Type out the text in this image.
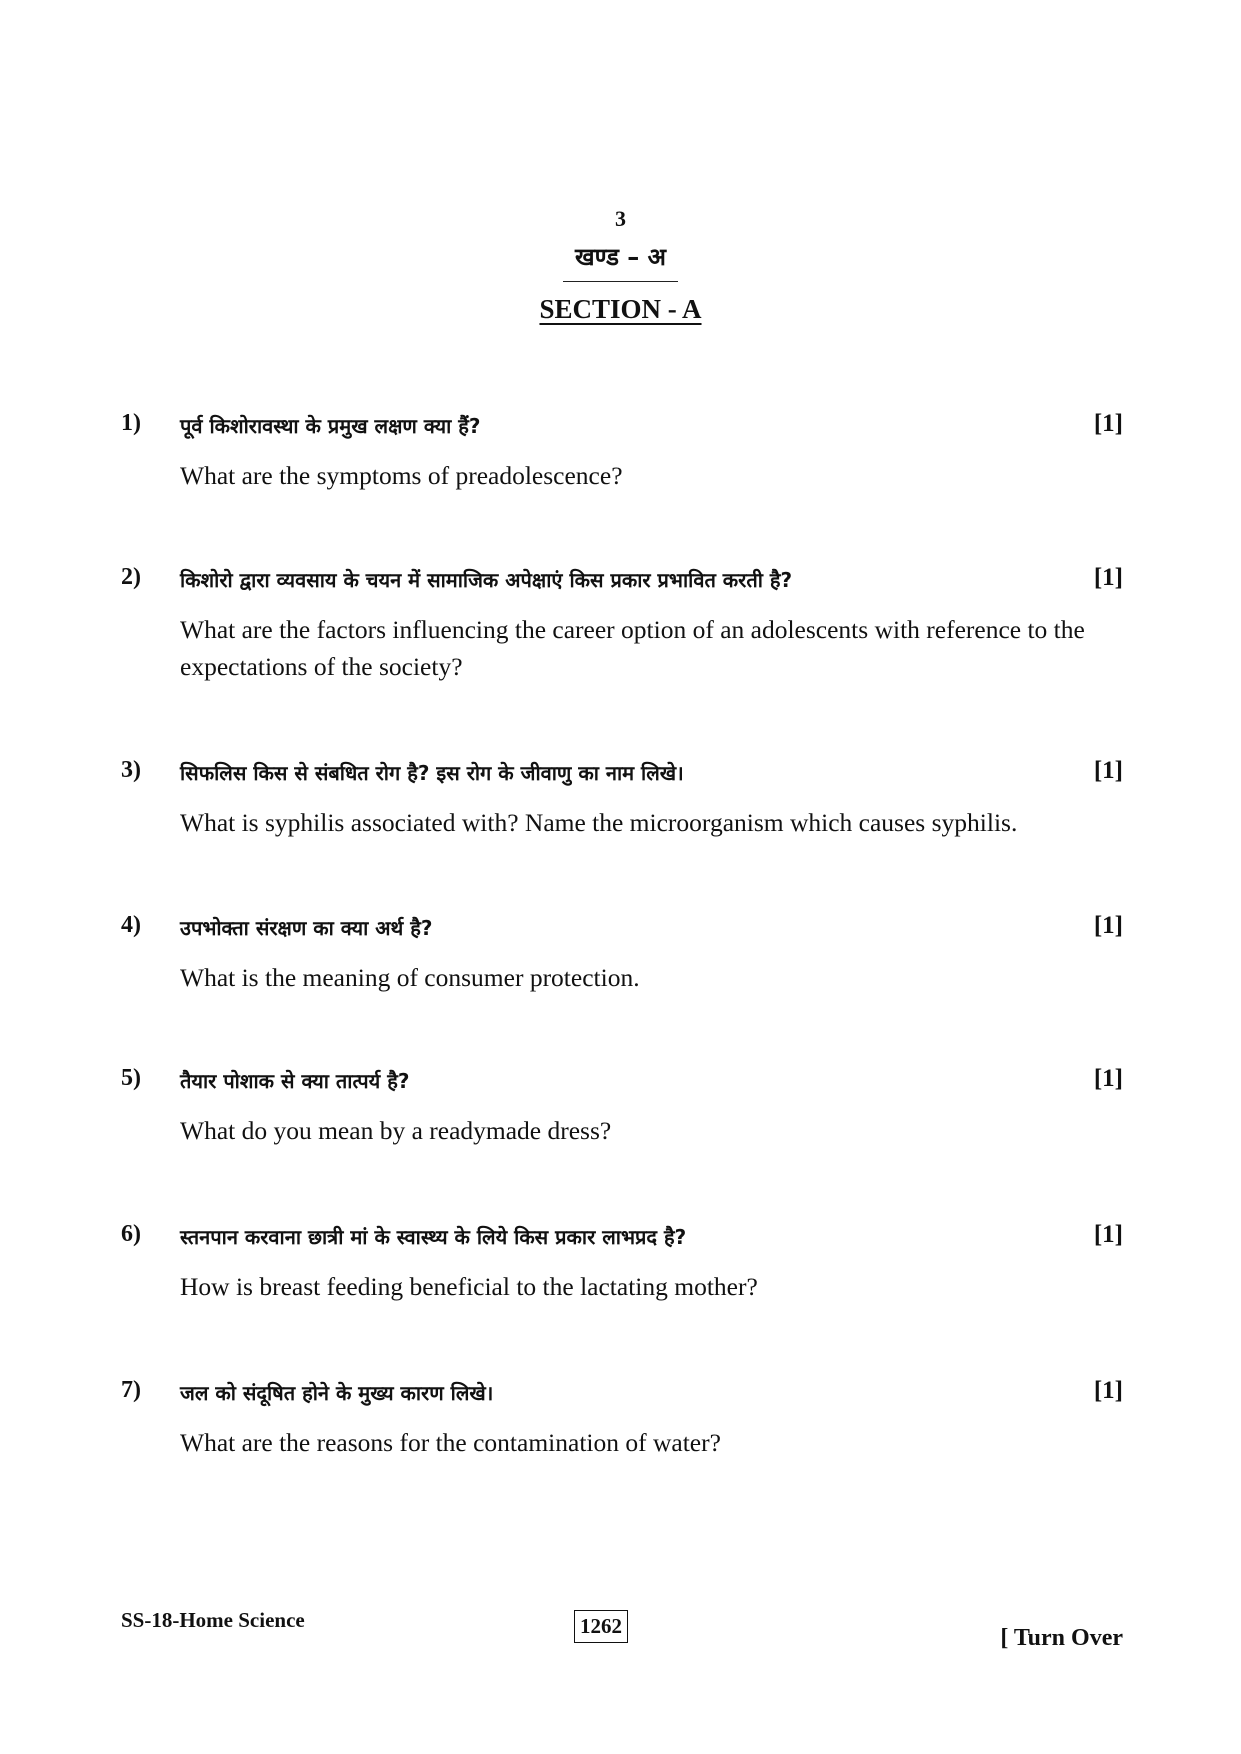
3
खण्ड – अ
SECTION - A
1) पूर्व किशोरावस्था के प्रमुख लक्षण क्या हैं?	[1]
What are the symptoms of preadolescence?
2) किशोरो द्वारा व्यवसाय के चयन में सामाजिक अपेक्षाएं किस प्रकार प्रभावित करती है?	[1]
What are the factors influencing the career option of an adolescents with reference to the expectations of the society?
3) सिफलिस किस से संबधित रोग है? इस रोग के जीवाणु का नाम लिखे।	[1]
What is syphilis associated with? Name the microorganism which causes syphilis.
4) उपभोक्ता संरक्षण का क्या अर्थ है?	[1]
What is the meaning of consumer protection.
5) तैयार पोशाक से क्या तात्पर्य है?	[1]
What do you mean by a readymade dress?
6) स्तनपान करवाना छात्री मां के स्वास्थ्य के लिये किस प्रकार लाभप्रद है?	[1]
How is breast feeding beneficial to the lactating mother?
7) जल को संदूषित होने के मुख्य कारण लिखे।	[1]
What are the reasons for the contamination of water?
SS-18-Home Science	1262	[ Turn Over
